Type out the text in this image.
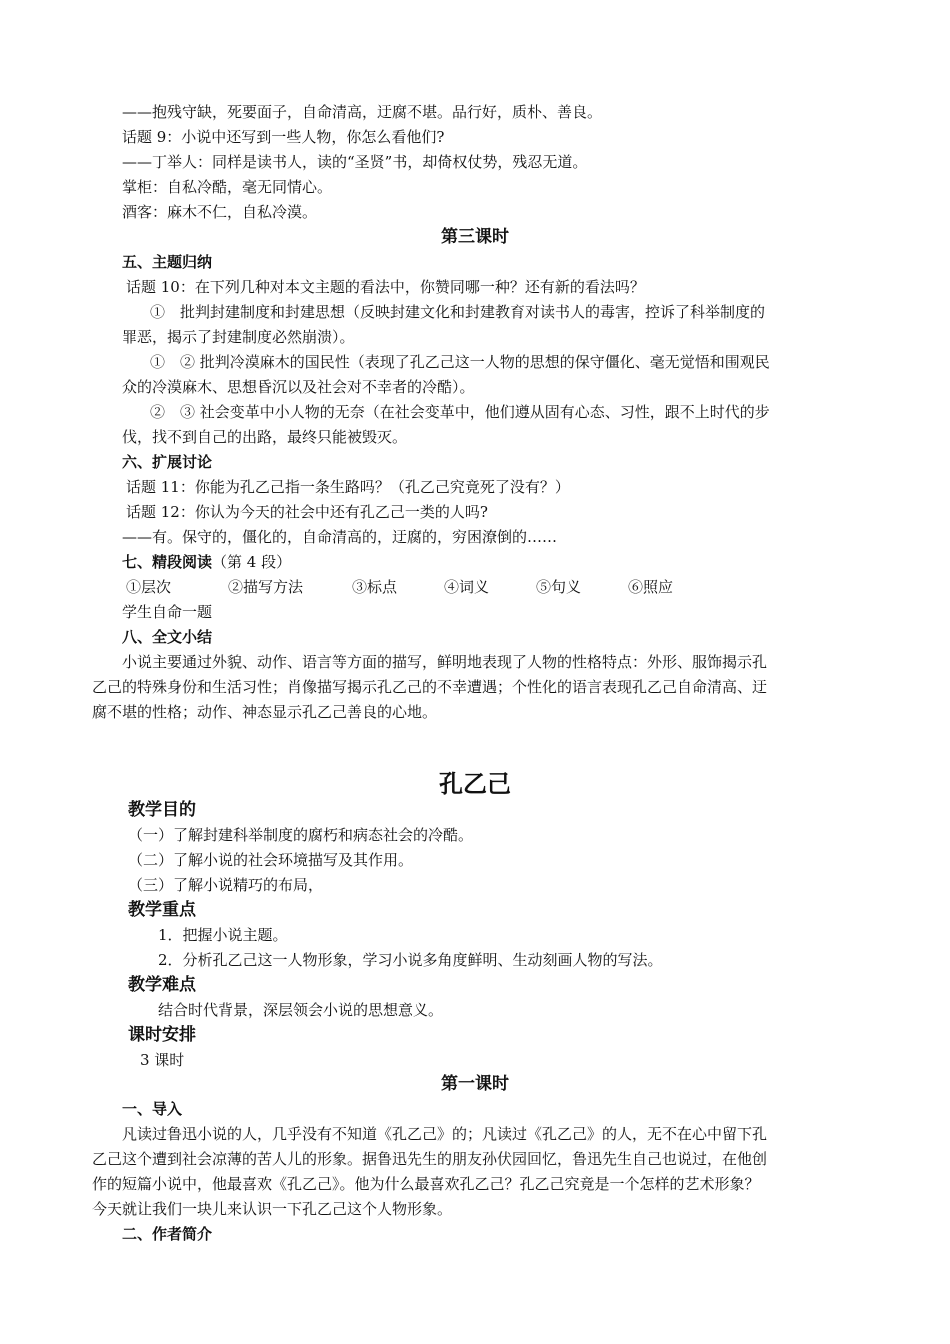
——抱残守缺，死要面子，自命清高，迂腐不堪。品行好，质朴、善良。
话题 9：小说中还写到一些人物，你怎么看他们?
——丁举人：同样是读书人，读的“圣贤”书，却倚权仗势，残忍无道。
掌柜：自私冷酷，毫无同情心。
酒客：麻木不仁，自私冷漠。
第三课时
五、主题归纳
话题 10：在下列几种对本文主题的看法中，你赞同哪一种？还有新的看法吗？
①　批判封建制度和封建思想（反映封建文化和封建教育对读书人的毒害，控诉了科举制度的
罪恶，揭示了封建制度必然崩溃）。
①　② 批判冷漠麻木的国民性（表现了孔乙己这一人物的思想的保守僵化、毫无觉悟和围观民
众的冷漠麻木、思想昏沉以及社会对不幸者的冷酷）。
②　③ 社会变革中小人物的无奈（在社会变革中，他们遵从固有心态、习性，跟不上时代的步
伐，找不到自己的出路，最终只能被毁灭。
六、扩展讨论
话题 11：你能为孔乙己指一条生路吗？（孔乙己究竟死了没有？）
话题 12：你认为今天的社会中还有孔乙己一类的人吗?
——有。保守的，僵化的，自命清高的，迂腐的，穷困潦倒的……
七、精段阅读（第 4 段）
①层次	②描写方法	③标点	④词义	⑤句义	⑥照应
学生自命一题
八、全文小结
小说主要通过外貌、动作、语言等方面的描写，鲜明地表现了人物的性格特点：外形、服饰揭示孔
乙己的特殊身份和生活习性；肖像描写揭示孔乙己的不幸遭遇；个性化的语言表现孔乙己自命清高、迂
腐不堪的性格；动作、神态显示孔乙己善良的心地。
孔乙己
教学目的
（一）了解封建科举制度的腐朽和病态社会的冷酷。
（二）了解小说的社会环境描写及其作用。
（三）了解小说精巧的布局，
教学重点
1．把握小说主题。
2．分析孔乙己这一人物形象，学习小说多角度鲜明、生动刻画人物的写法。
教学难点
结合时代背景，深层领会小说的思想意义。
课时安排
3 课时
第一课时
一、导入
凡读过鲁迅小说的人，几乎没有不知道《孔乙己》的；凡读过《孔乙己》的人，无不在心中留下孔
乙己这个遭到社会凉薄的苦人儿的形象。据鲁迅先生的朋友孙伏园回忆，鲁迅先生自己也说过，在他创
作的短篇小说中，他最喜欢《孔乙己》。他为什么最喜欢孔乙己？孔乙己究竟是一个怎样的艺术形象？
今天就让我们一块儿来认识一下孔乙己这个人物形象。
二、作者简介
